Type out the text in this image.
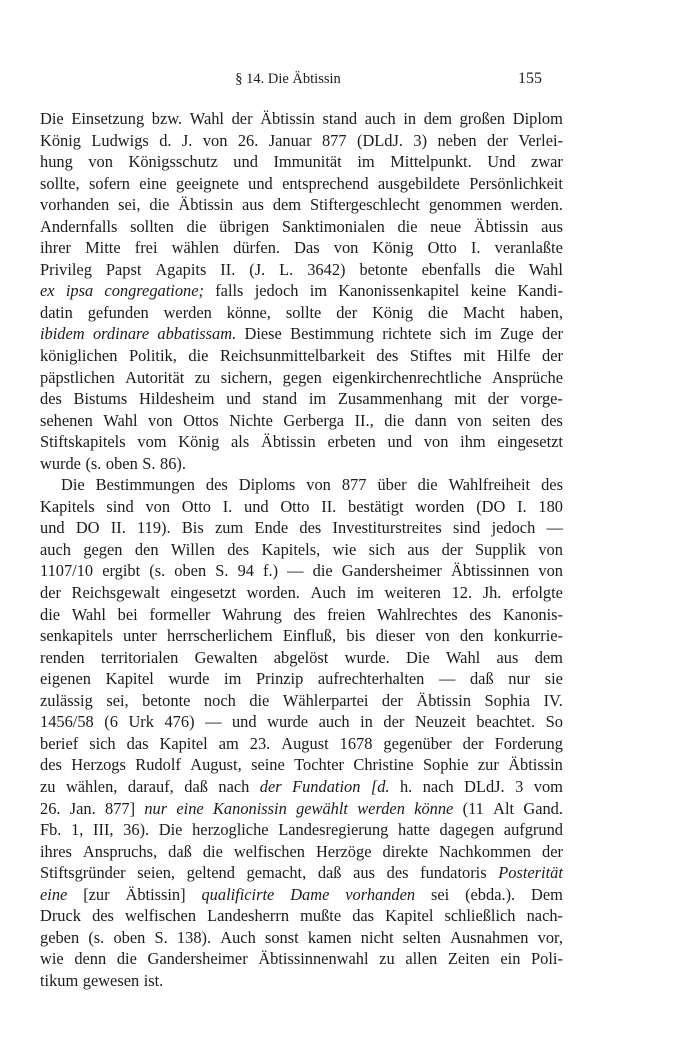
§ 14. Die Äbtissin	155
Die Einsetzung bzw. Wahl der Äbtissin stand auch in dem großen Diplom
König Ludwigs d. J. von 26. Januar 877 (DLdJ. 3) neben der Verlei-
hung von Königsschutz und Immunität im Mittelpunkt. Und zwar
sollte, sofern eine geeignete und entsprechend ausgebildete Persönlichkeit
vorhanden sei, die Äbtissin aus dem Stiftergeschlecht genommen werden.
Andernfalls sollten die übrigen Sanktimonialen die neue Äbtissin aus
ihrer Mitte frei wählen dürfen. Das von König Otto I. veranlaßte
Privileg Papst Agapits II. (J. L. 3642) betonte ebenfalls die Wahl
ex ipsa congregatione; falls jedoch im Kanonissenkapitel keine Kandi-
datin gefunden werden könne, sollte der König die Macht haben,
ibidem ordinare abbatissam. Diese Bestimmung richtete sich im Zuge der
königlichen Politik, die Reichsunmittelbarkeit des Stiftes mit Hilfe der
päpstlichen Autorität zu sichern, gegen eigenkirchenrechtliche Ansprüche
des Bistums Hildesheim und stand im Zusammenhang mit der vorge-
sehenen Wahl von Ottos Nichte Gerberga II., die dann von seiten des
Stiftskapitels vom König als Äbtissin erbeten und von ihm eingesetzt
wurde (s. oben S. 86).
Die Bestimmungen des Diploms von 877 über die Wahlfreiheit des
Kapitels sind von Otto I. und Otto II. bestätigt worden (DO I. 180
und DO II. 119). Bis zum Ende des Investiturstreites sind jedoch —
auch gegen den Willen des Kapitels, wie sich aus der Supplik von
1107/10 ergibt (s. oben S. 94 f.) — die Gandersheimer Äbtissinnen von
der Reichsgewalt eingesetzt worden. Auch im weiteren 12. Jh. erfolgte
die Wahl bei formeller Wahrung des freien Wahlrechtes des Kanonis-
senkapitels unter herrscherlichem Einfluß, bis dieser von den konkurrie-
renden territorialen Gewalten abgelöst wurde. Die Wahl aus dem
eigenen Kapitel wurde im Prinzip aufrechterhalten — daß nur sie
zulässig sei, betonte noch die Wählerpartei der Äbtissin Sophia IV.
1456/58 (6 Urk 476) — und wurde auch in der Neuzeit beachtet. So
berief sich das Kapitel am 23. August 1678 gegenüber der Forderung
des Herzogs Rudolf August, seine Tochter Christine Sophie zur Äbtissin
zu wählen, darauf, daß nach der Fundation [d. h. nach DLdJ. 3 vom
26. Jan. 877] nur eine Kanonissin gewählt werden könne (11 Alt Gand.
Fb. 1, III, 36). Die herzogliche Landesregierung hatte dagegen aufgrund
ihres Anspruchs, daß die welfischen Herzöge direkte Nachkommen der
Stiftsgründer seien, geltend gemacht, daß aus des fundatoris Posterität
eine [zur Äbtissin] qualificirte Dame vorhanden sei (ebda.). Dem
Druck des welfischen Landesherrn mußte das Kapitel schließlich nach-
geben (s. oben S. 138). Auch sonst kamen nicht selten Ausnahmen vor,
wie denn die Gandersheimer Äbtissinnenwahl zu allen Zeiten ein Poli-
tikum gewesen ist.
